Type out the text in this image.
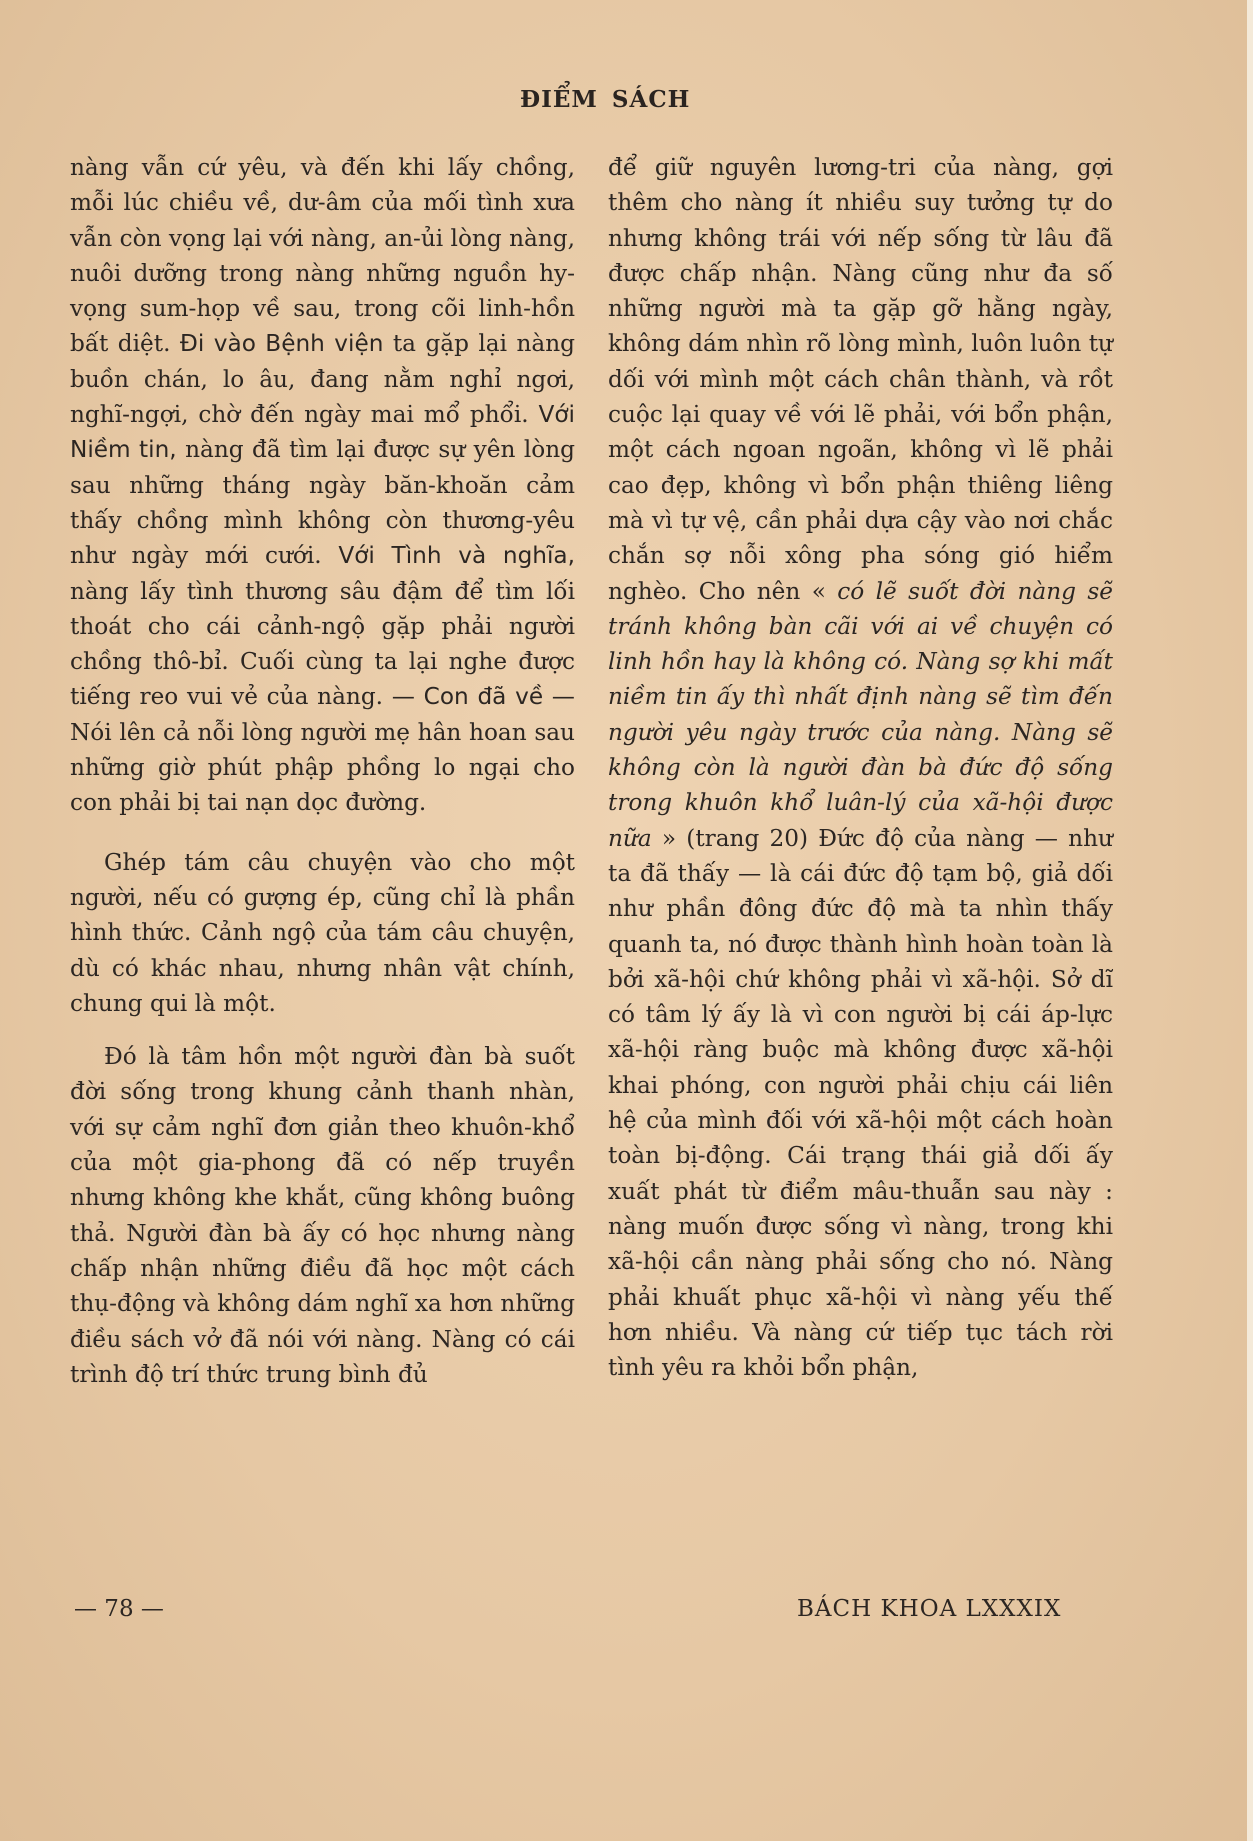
ĐIỂM SÁCH

nàng vẫn cứ yêu, và đến khi lấy chồng, mỗi lúc chiều về, dư-âm của mối tình xưa vẫn còn vọng lại với nàng, an-ủi lòng nàng, nuôi dưỡng trong nàng những nguồn hy-vọng sum-họp về sau, trong cõi linh-hồn bất diệt. Đi vào Bệnh viện ta gặp lại nàng buồn chán, lo âu, đang nằm nghỉ ngơi, nghĩ-ngợi, chờ đến ngày mai mổ phổi. Với Niềm tin, nàng đã tìm lại được sự yên lòng sau những tháng ngày băn-khoăn cảm thấy chồng mình không còn thương-yêu như ngày mới cưới. Với Tình và nghĩa, nàng lấy tình thương sâu đậm để tìm lối thoát cho cái cảnh-ngộ gặp phải người chồng thô-bỉ. Cuối cùng ta lại nghe được tiếng reo vui vẻ của nàng. — Con đã về — Nói lên cả nỗi lòng người mẹ hân hoan sau những giờ phút phập phồng lo ngại cho con phải bị tai nạn dọc đường.

Ghép tám câu chuyện vào cho một người, nếu có gượng ép, cũng chỉ là phần hình thức. Cảnh ngộ của tám câu chuyện, dù có khác nhau, nhưng nhân vật chính, chung qui là một.

Đó là tâm hồn một người đàn bà suốt đời sống trong khung cảnh thanh nhàn, với sự cảm nghĩ đơn giản theo khuôn-khổ của một gia-phong đã có nếp truyền nhưng không khe khắt, cũng không buông thả. Người đàn bà ấy có học nhưng nàng chấp nhận những điều đã học một cách thụ-động và không dám nghĩ xa hơn những điều sách vở đã nói với nàng. Nàng có cái trình độ trí thức trung bình đủ

để giữ nguyên lương-tri của nàng, gợi thêm cho nàng ít nhiều suy tưởng tự do nhưng không trái với nếp sống từ lâu đã được chấp nhận. Nàng cũng như đa số những người mà ta gặp gỡ hằng ngày, không dám nhìn rõ lòng mình, luôn luôn tự dối với mình một cách chân thành, và rồt cuộc lại quay về với lẽ phải, với bổn phận, một cách ngoan ngoãn, không vì lẽ phải cao đẹp, không vì bổn phận thiêng liêng mà vì tự vệ, cần phải dựa cậy vào nơi chắc chắn sợ nỗi xông pha sóng gió hiểm nghèo. Cho nên « có lẽ suốt đời nàng sẽ tránh không bàn cãi với ai về chuyện có linh hồn hay là không có. Nàng sợ khi mất niềm tin ấy thì nhất định nàng sẽ tìm đến người yêu ngày trước của nàng. Nàng sẽ không còn là người đàn bà đức độ sống trong khuôn khổ luân-lý của xã-hội được nữa » (trang 20) Đức độ của nàng — như ta đã thấy — là cái đức độ tạm bộ, giả dối như phần đông đức độ mà ta nhìn thấy quanh ta, nó được thành hình hoàn toàn là bởi xã-hội chứ không phải vì xã-hội. Sở dĩ có tâm lý ấy là vì con người bị cái áp-lực xã-hội ràng buộc mà không được xã-hội khai phóng, con người phải chịu cái liên hệ của mình đối với xã-hội một cách hoàn toàn bị-động. Cái trạng thái giả dối ấy xuất phát từ điểm mâu-thuẫn sau này : nàng muốn được sống vì nàng, trong khi xã-hội cần nàng phải sống cho nó. Nàng phải khuất phục xã-hội vì nàng yếu thế hơn nhiều. Và nàng cứ tiếp tục tách rời tình yêu ra khỏi bổn phận,

— 78 —	BÁCH KHOA LXXXIX
